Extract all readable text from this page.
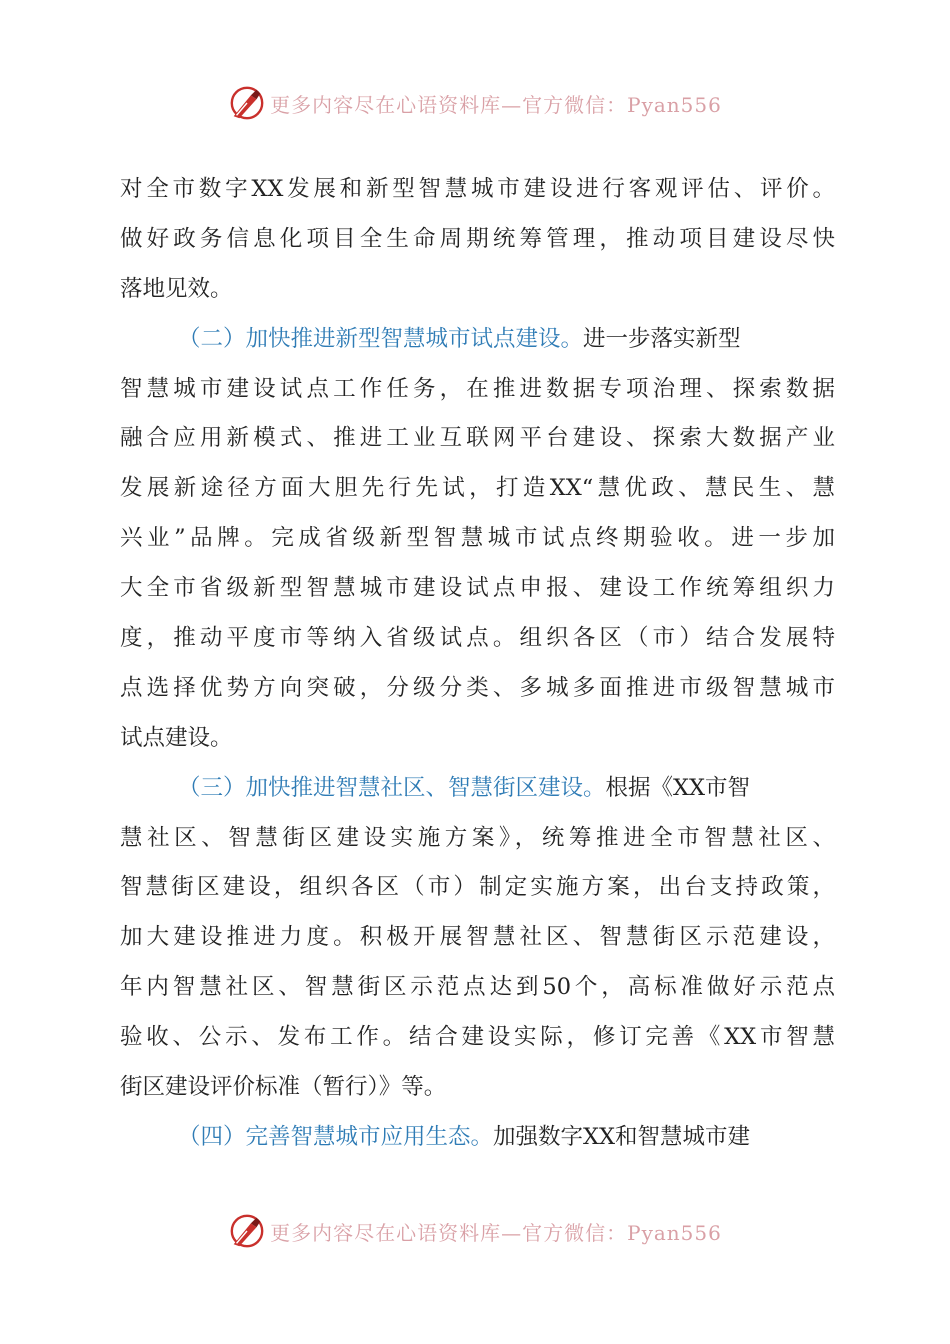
更多内容尽在心语资料库—官方微信：Pyan556
对全市数字XX发展和新型智慧城市建设进行客观评估、评价。
做好政务信息化项目全生命周期统筹管理，推动项目建设尽快
落地见效。
（二）加快推进新型智慧城市试点建设。进一步落实新型
智慧城市建设试点工作任务，在推进数据专项治理、探索数据
融合应用新模式、推进工业互联网平台建设、探索大数据产业
发展新途径方面大胆先行先试，打造XX“慧优政、慧民生、慧
兴业”品牌。完成省级新型智慧城市试点终期验收。进一步加
大全市省级新型智慧城市建设试点申报、建设工作统筹组织力
度，推动平度市等纳入省级试点。组织各区（市）结合发展特
点选择优势方向突破，分级分类、多城多面推进市级智慧城市
试点建设。
（三）加快推进智慧社区、智慧街区建设。根据《XX市智
慧社区、智慧街区建设实施方案》，统筹推进全市智慧社区、
智慧街区建设，组织各区（市）制定实施方案，出台支持政策，
加大建设推进力度。积极开展智慧社区、智慧街区示范建设，
年内智慧社区、智慧街区示范点达到50个，高标准做好示范点
验收、公示、发布工作。结合建设实际，修订完善《XX市智慧
街区建设评价标准（暂行）》等。
（四）完善智慧城市应用生态。加强数字XX和智慧城市建
更多内容尽在心语资料库—官方微信：Pyan556
